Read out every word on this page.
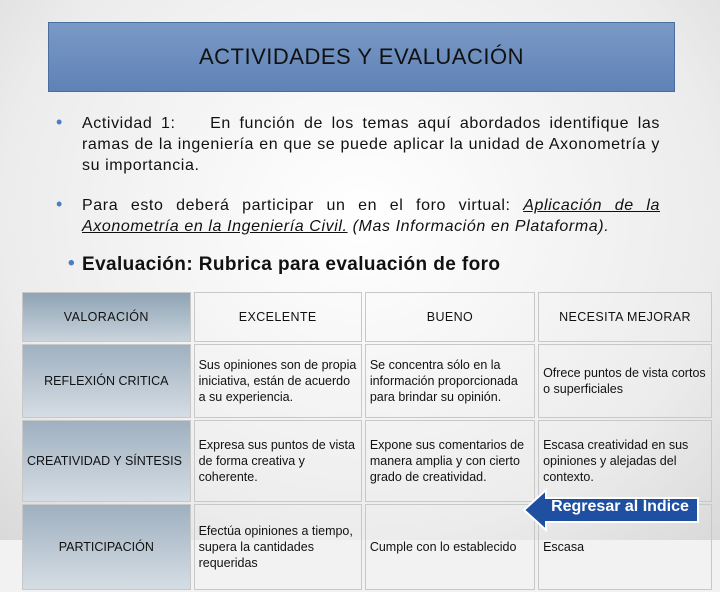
ACTIVIDADES Y EVALUACIÓN
• Actividad 1: En función de los temas aquí abordados identifique las ramas de la ingeniería en que se puede aplicar la unidad de Axonometría y su importancia.
• Para esto deberá participar un en el foro virtual: Aplicación de la Axonometría en la Ingeniería Civil. (Mas Información en Plataforma).
• Evaluación: Rubrica para evaluación de foro
VALORACIÓN	EXCELENTE	BUENO	NECESITA MEJORAR
REFLEXIÓN CRITICA	Sus opiniones son de propia iniciativa, están de acuerdo a su experiencia.	Se concentra sólo en la información proporcionada para brindar su opinión.	Ofrece puntos de vista cortos o superficiales
CREATIVIDAD Y SÍNTESIS	Expresa sus puntos de vista de forma creativa y coherente.	Expone sus comentarios de manera amplia y con cierto grado de creatividad.	Escasa creatividad en sus opiniones y alejadas del contexto.
PARTICIPACIÓN	Efectúa opiniones a tiempo, supera la cantidades requeridas	Cumple con lo establecido	Escasa
Regresar al Índice
